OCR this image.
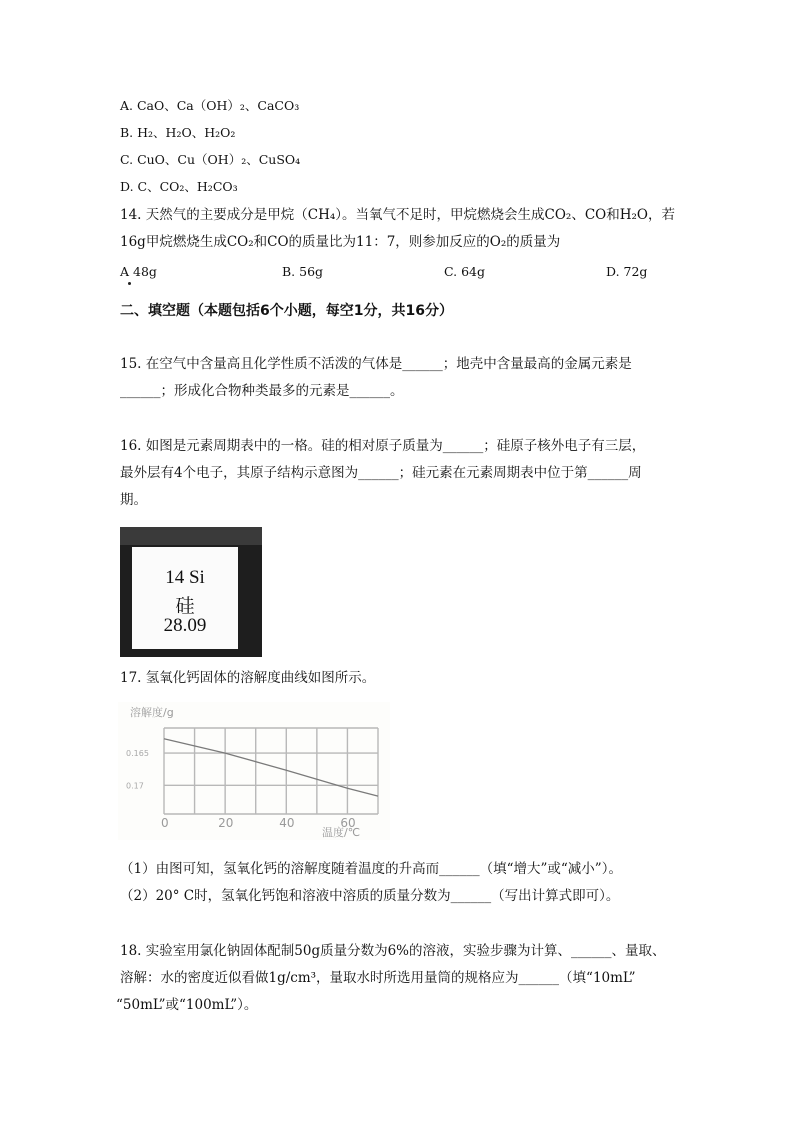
A. CaO、Ca（OH）₂、CaCO₃
B. H₂、H₂O、H₂O₂
C. CuO、Cu（OH）₂、CuSO₄
D. C、CO₂、H₂CO₃
14. 天然气的主要成分是甲烷（CH₄）。当氧气不足时，甲烷燃烧会生成CO₂、CO和H₂O，若
16g甲烷燃烧生成CO₂和CO的质量比为11：7，则参加反应的O₂的质量为
A 48g	B. 56g	C. 64g	D. 72g
二、填空题（本题包括6个小题，每空1分，共16分）
15. 在空气中含量高且化学性质不活泼的气体是______；地壳中含量最高的金属元素是
______；形成化合物种类最多的元素是______。
16. 如图是元素周期表中的一格。硅的相对原子质量为______；硅原子核外电子有三层，
最外层有4个电子，其原子结构示意图为______；硅元素在元素周期表中位于第______周
期。
14 Si
硅
28.09
17. 氢氧化钙固体的溶解度曲线如图所示。
溶解度/g
0.165
0.17
0	20	40	60
温度/℃
（1）由图可知，氢氧化钙的溶解度随着温度的升高而______（填“增大”或“减小”）。
（2）20° C时，氢氧化钙饱和溶液中溶质的质量分数为______（写出计算式即可）。
18. 实验室用氯化钠固体配制50g质量分数为6%的溶液，实验步骤为计算、______、量取、
溶解：水的密度近似看做1g/cm³，量取水时所选用量筒的规格应为______（填“10mL”
“50mL”或“100mL”）。
